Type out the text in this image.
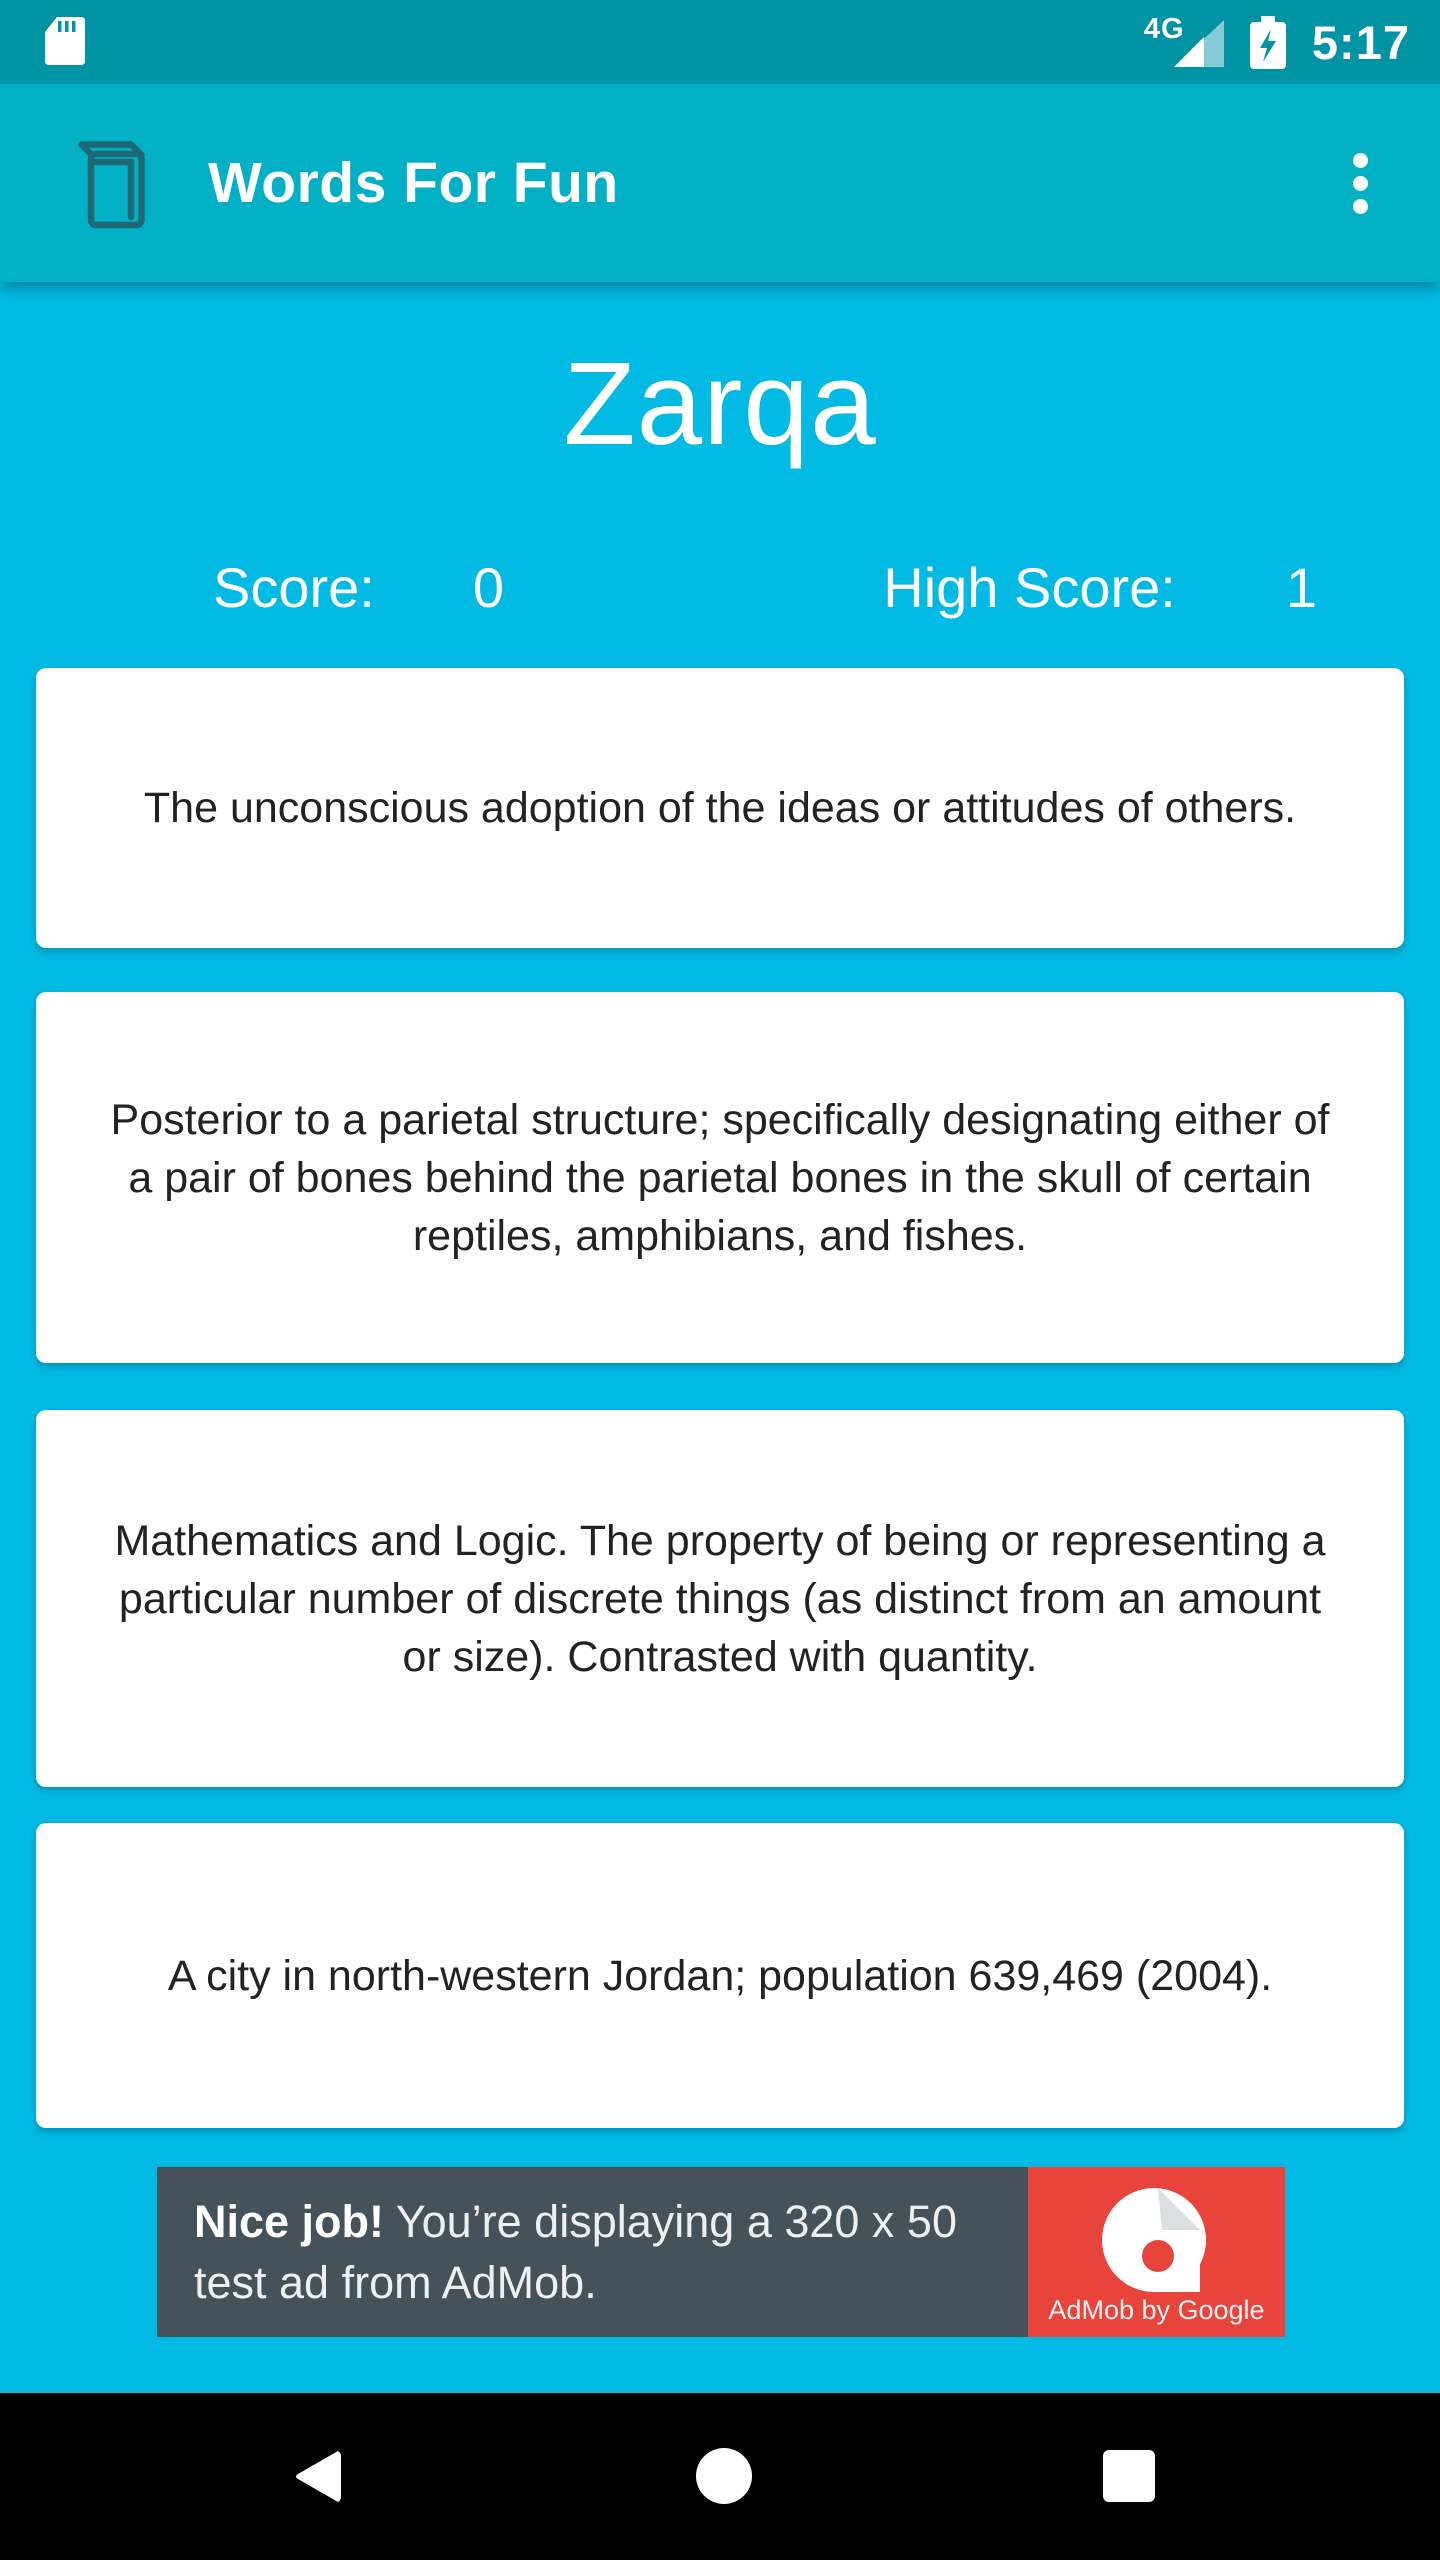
4G	5:17
Words For Fun
Zarqa
Score: 0	High Score: 1
The unconscious adoption of the ideas or attitudes of others.
Posterior to a parietal structure; specifically designating either of a pair of bones behind the parietal bones in the skull of certain reptiles, amphibians, and fishes.
Mathematics and Logic. The property of being or representing a particular number of discrete things (as distinct from an amount or size). Contrasted with quantity.
A city in north-western Jordan; population 639,469 (2004).
Nice job! You’re displaying a 320 x 50
test ad from AdMob.
AdMob by Google
